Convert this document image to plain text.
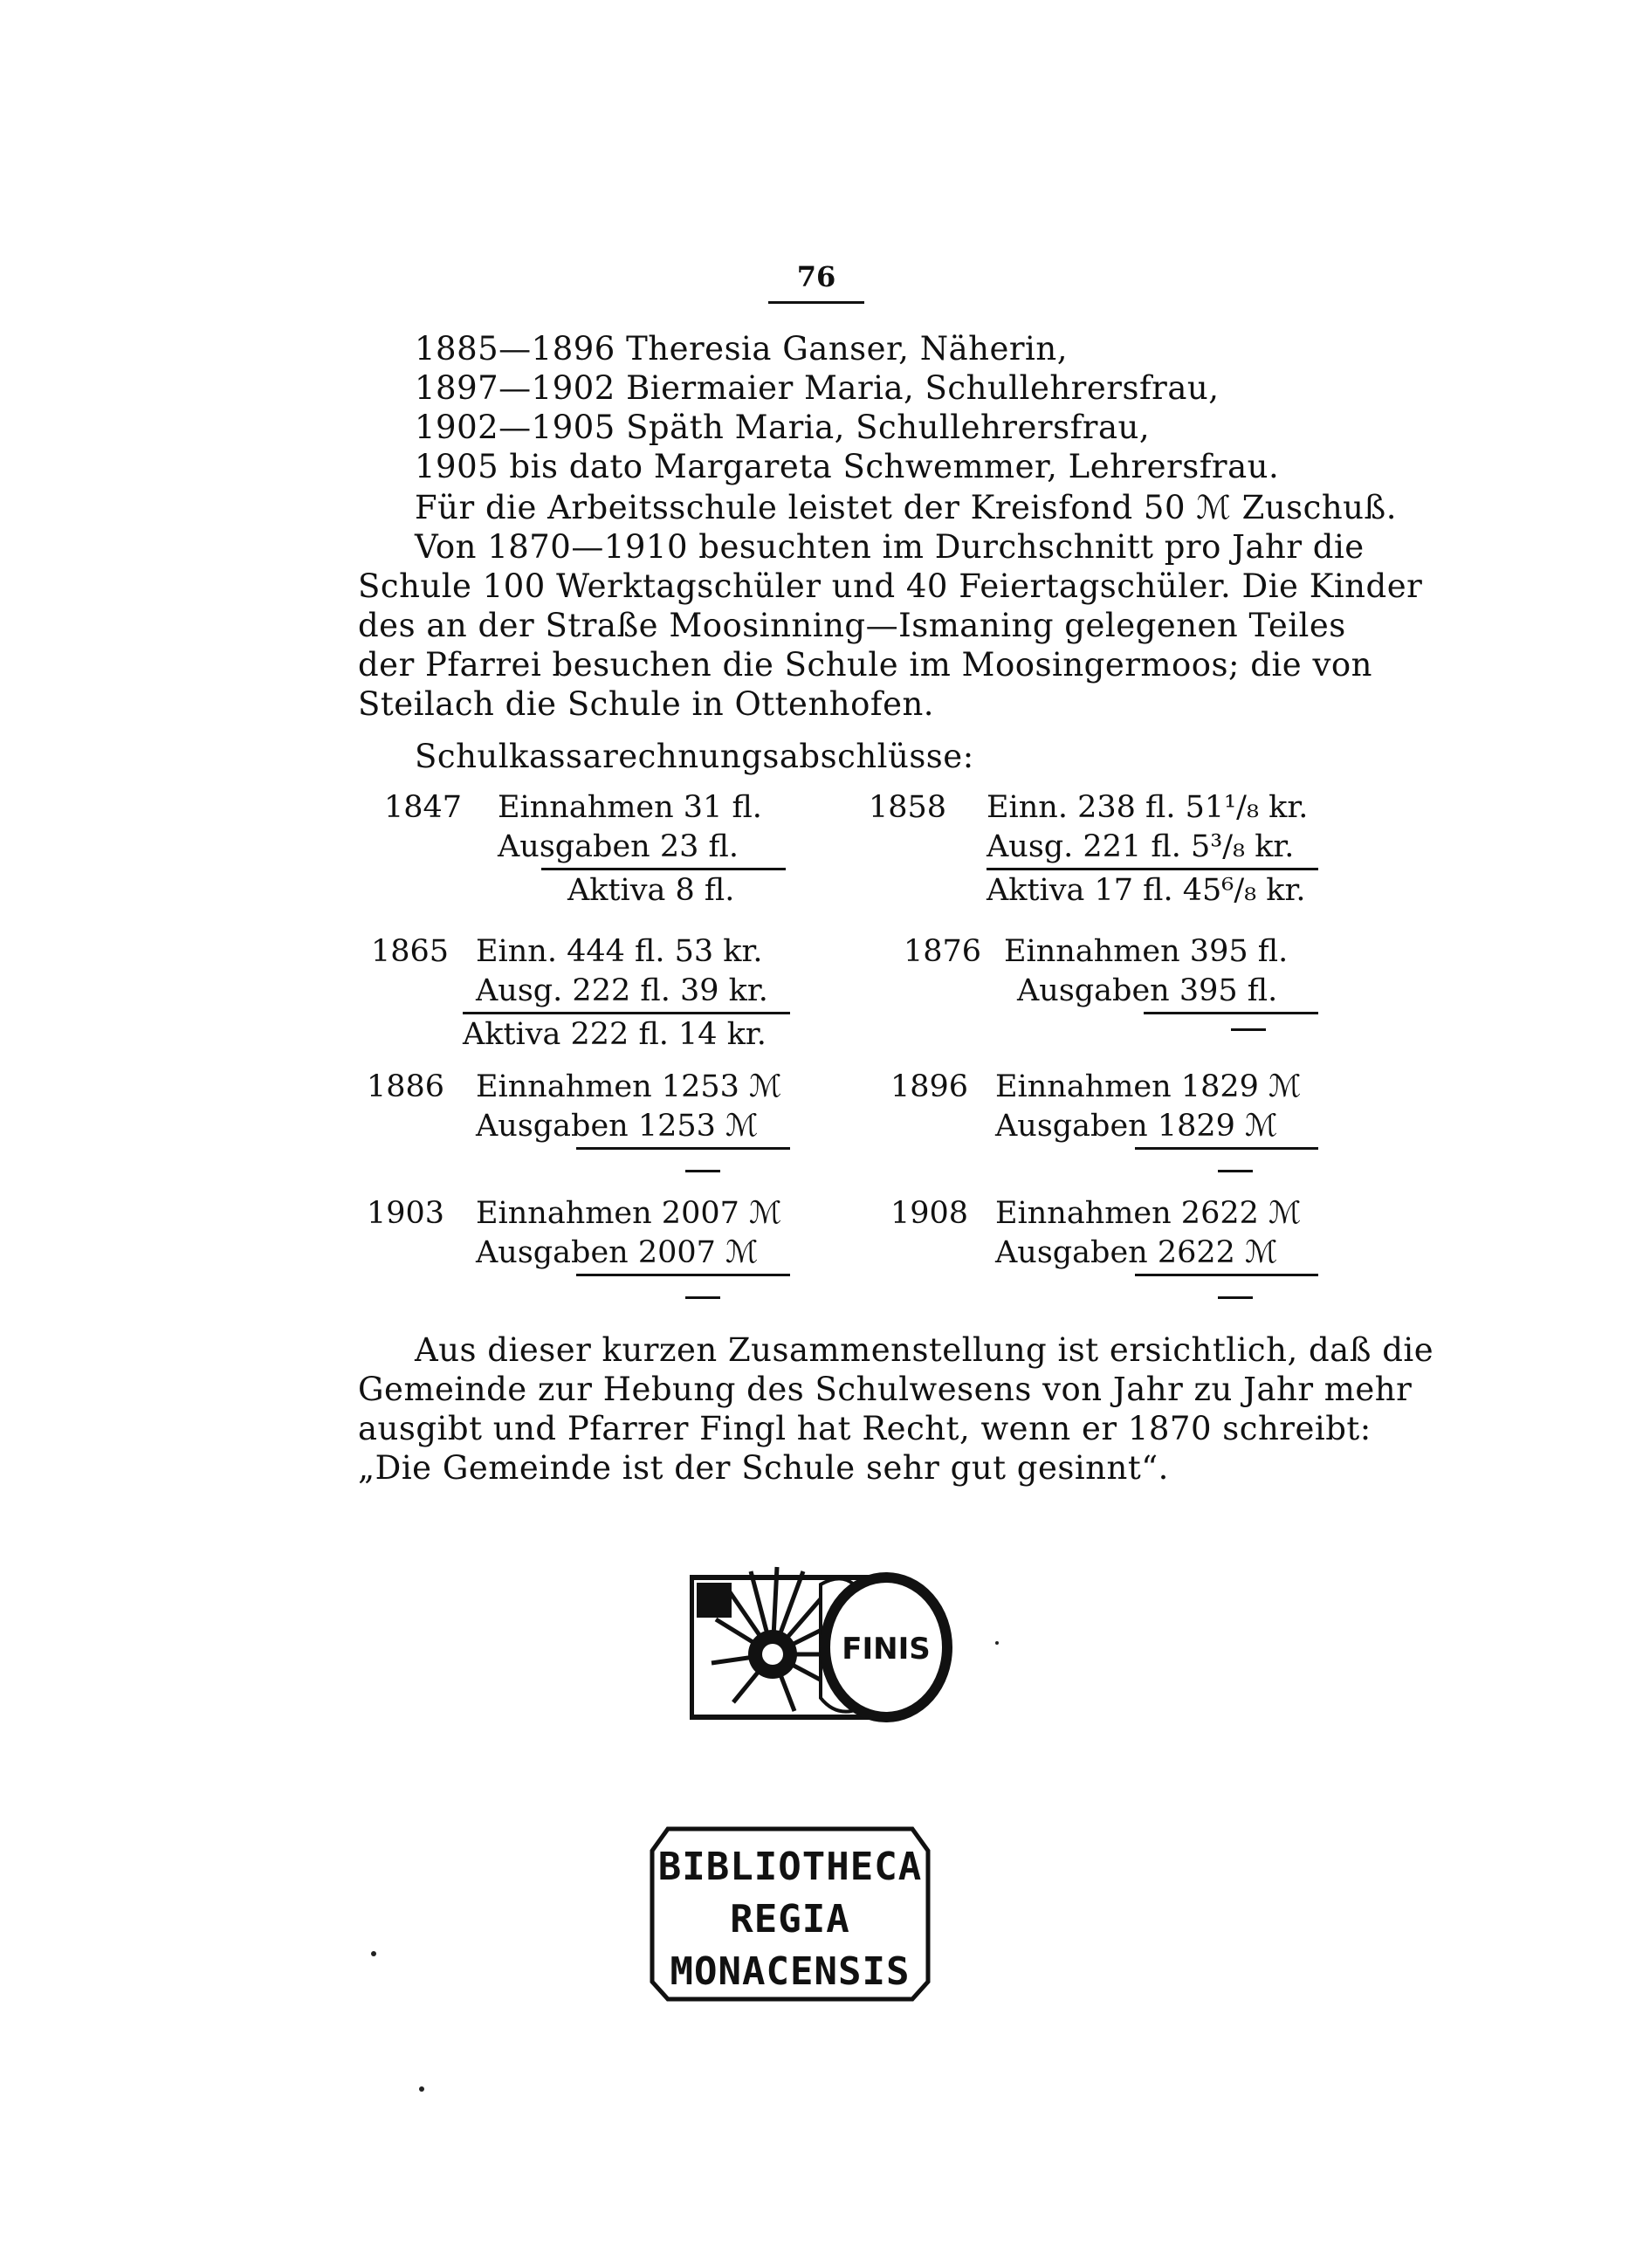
76
1885—1896 Theresia Ganser, Näherin,
1897—1902 Biermaier Maria, Schullehrersfrau,
1902—1905 Späth Maria, Schullehrersfrau,
1905 bis dato Margareta Schwemmer, Lehrersfrau.
Für die Arbeitsschule leistet der Kreisfond 50 ℳ Zuschuß.
Von 1870—1910 besuchten im Durchschnitt pro Jahr die
Schule 100 Werktagschüler und 40 Feiertagschüler. Die Kinder
des an der Straße Moosinning—Ismaning gelegenen Teiles
der Pfarrei besuchen die Schule im Moosingermoos; die von
Steilach die Schule in Ottenhofen.
Schulkassarechnungsabschlüsse:
1847 Einnahmen 31 fl.
Ausgaben 23 fl.
Aktiva 8 fl.
1858 Einn. 238 fl. 51¹/₈ kr.
Ausg. 221 fl. 5³/₈ kr.
Aktiva 17 fl. 45⁶/₈ kr.
1865 Einn. 444 fl. 53 kr.
Ausg. 222 fl. 39 kr.
Aktiva 222 fl. 14 kr.
1876 Einnahmen 395 fl.
Ausgaben 395 fl.
1886 Einnahmen 1253 ℳ
Ausgaben 1253 ℳ
1896 Einnahmen 1829 ℳ
Ausgaben 1829 ℳ
1903 Einnahmen 2007 ℳ
Ausgaben 2007 ℳ
1908 Einnahmen 2622 ℳ
Ausgaben 2622 ℳ
Aus dieser kurzen Zusammenstellung ist ersichtlich, daß die
Gemeinde zur Hebung des Schulwesens von Jahr zu Jahr mehr
ausgibt und Pfarrer Fingl hat Recht, wenn er 1870 schreibt:
„Die Gemeinde ist der Schule sehr gut gesinnt“.
FINIS
BIBLIOTHECA
REGIA
MONACENSIS
